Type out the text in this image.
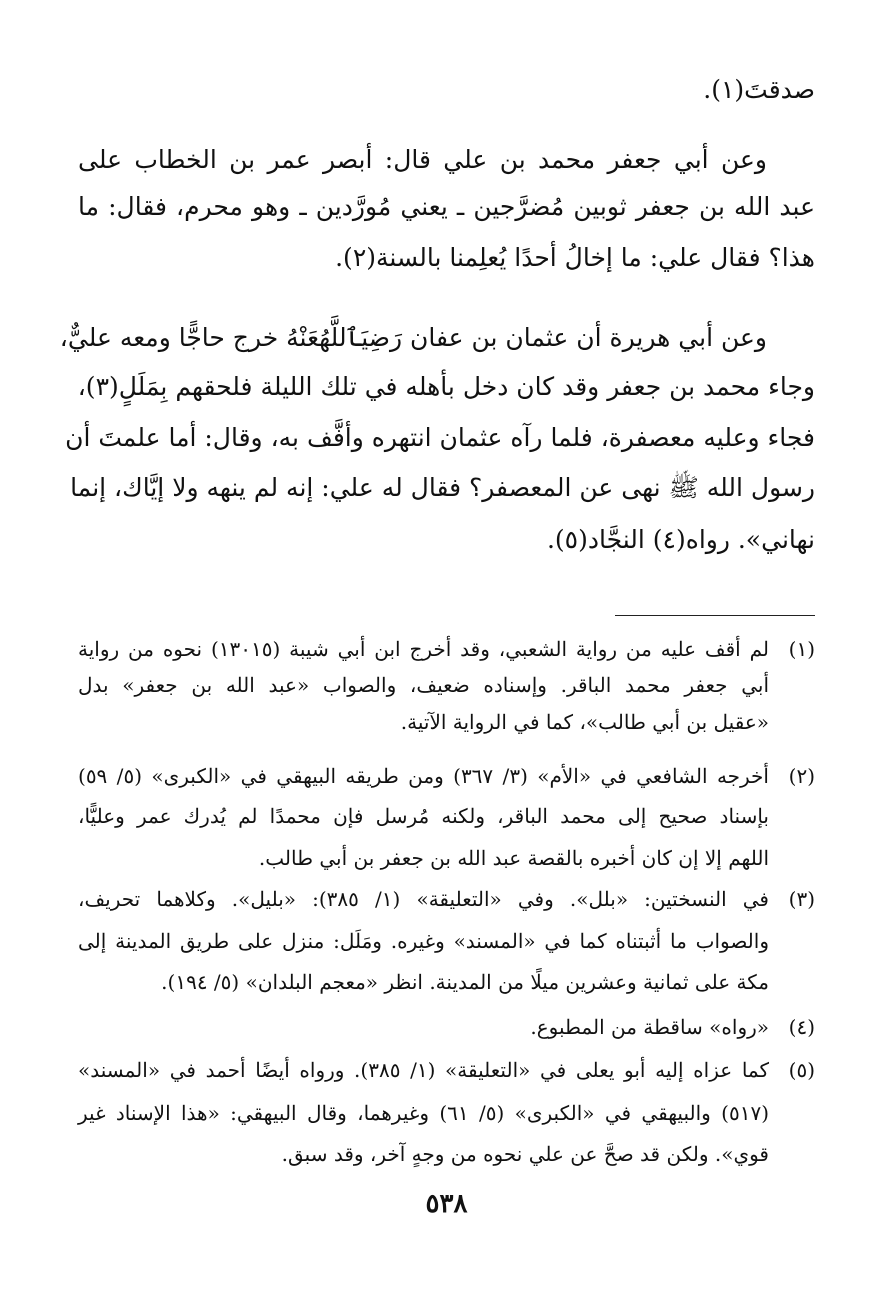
صدقتَ(١).
وعن أبي جعفر محمد بن علي قال: أبصر عمر بن الخطاب على
عبد الله بن جعفر ثوبين مُضرَّجين ـ يعني مُورَّدين ـ وهو محرم، فقال: ما
هذا؟ فقال علي: ما إخالُ أحدًا يُعلِمنا بالسنة(٢).
وعن أبي هريرة أن عثمان بن عفان رَضِيَٱللَّهُعَنْهُ خرج حاجًّا ومعه عليٌّ،
وجاء محمد بن جعفر وقد كان دخل بأهله في تلك الليلة فلحقهم بِمَلَلٍ(٣)،
فجاء وعليه معصفرة، فلما رآه عثمان انتهره وأفَّف به، وقال: أما علمتَ أن
رسول الله ﷺ نهى عن المعصفر؟ فقال له علي: إنه لم ينهه ولا إيَّاك، إنما
نهاني». رواه(٤) النجَّاد(٥).
(١)
لم أقف عليه من رواية الشعبي، وقد أخرج ابن أبي شيبة (١٣٠١٥) نحوه من رواية
أبي جعفر محمد الباقر. وإسناده ضعيف، والصواب «عبد الله بن جعفر» بدل
«عقيل بن أبي طالب»، كما في الرواية الآتية.
(٢)
أخرجه الشافعي في «الأم» (٣/ ٣٦٧) ومن طريقه البيهقي في «الكبرى» (٥/ ٥٩)
بإسناد صحيح إلى محمد الباقر، ولكنه مُرسل فإن محمدًا لم يُدرك عمر وعليًّا،
اللهم إلا إن كان أخبره بالقصة عبد الله بن جعفر بن أبي طالب.
(٣)
في النسختين: «بلل». وفي «التعليقة» (١/ ٣٨٥): «بليل». وكلاهما تحريف،
والصواب ما أثبتناه كما في «المسند» وغيره. ومَلَل: منزل على طريق المدينة إلى
مكة على ثمانية وعشرين ميلًا من المدينة. انظر «معجم البلدان» (٥/ ١٩٤).
(٤)
«رواه» ساقطة من المطبوع.
(٥)
كما عزاه إليه أبو يعلى في «التعليقة» (١/ ٣٨٥). ورواه أيضًا أحمد في «المسند»
(٥١٧) والبيهقي في «الكبرى» (٥/ ٦١) وغيرهما، وقال البيهقي: «هذا الإسناد غير
قوي». ولكن قد صحَّ عن علي نحوه من وجهٍ آخر، وقد سبق.
٥٣٨
